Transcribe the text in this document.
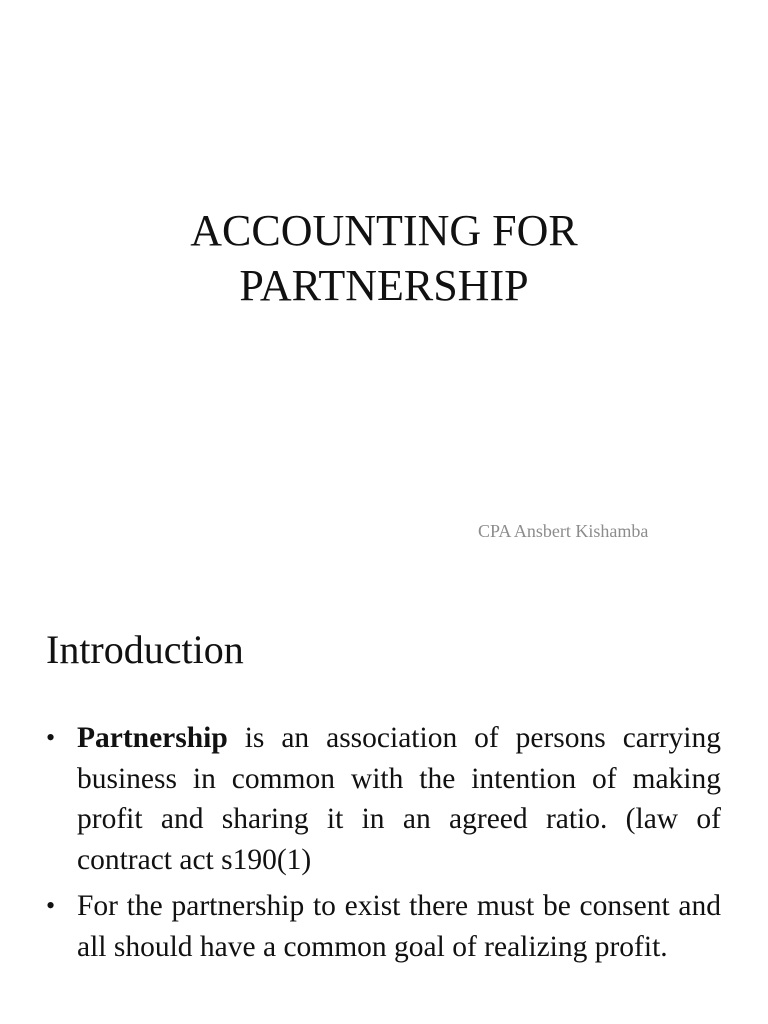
ACCOUNTING FOR
PARTNERSHIP
CPA Ansbert Kishamba
Introduction
• Partnership is an association of persons carrying business in common with the intention of making profit and sharing it in an agreed ratio. (law of contract act s190(1)
• For the partnership to exist there must be consent and all should have a common goal of realizing profit.
